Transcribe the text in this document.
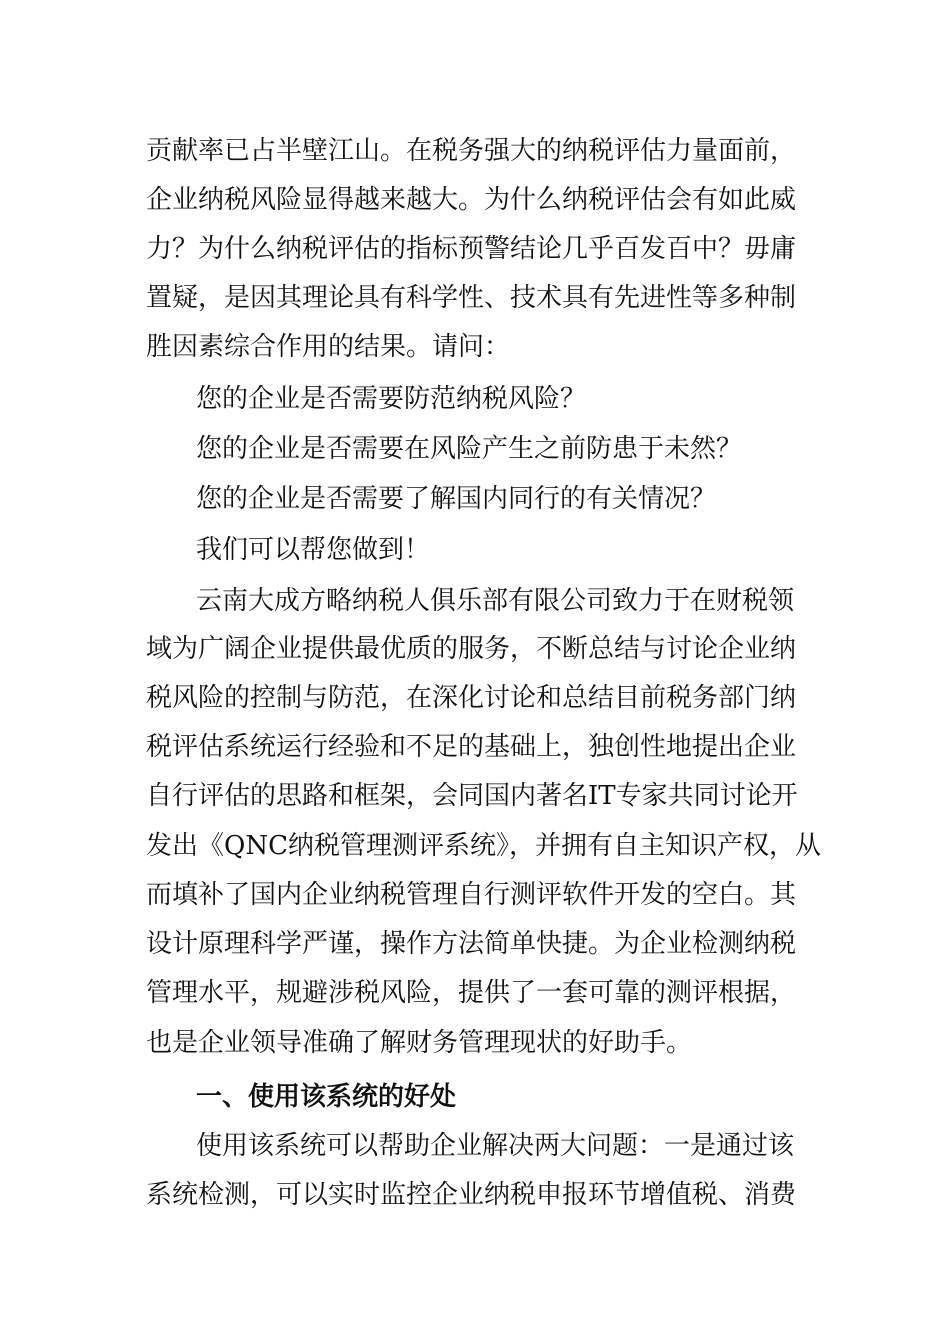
贡献率已占半壁江山。在税务强大的纳税评估力量面前，
企业纳税风险显得越来越大。为什么纳税评估会有如此威
力？为什么纳税评估的指标预警结论几乎百发百中？毋庸
置疑，是因其理论具有科学性、技术具有先进性等多种制
胜因素综合作用的结果。请问：
您的企业是否需要防范纳税风险？
您的企业是否需要在风险产生之前防患于未然？
您的企业是否需要了解国内同行的有关情况？
我们可以帮您做到！
云南大成方略纳税人俱乐部有限公司致力于在财税领
域为广阔企业提供最优质的服务，不断总结与讨论企业纳
税风险的控制与防范，在深化讨论和总结目前税务部门纳
税评估系统运行经验和不足的基础上，独创性地提出企业
自行评估的思路和框架，会同国内著名IT专家共同讨论开
发出《QNC纳税管理测评系统》，并拥有自主知识产权，从
而填补了国内企业纳税管理自行测评软件开发的空白。其
设计原理科学严谨，操作方法简单快捷。为企业检测纳税
管理水平，规避涉税风险，提供了一套可靠的测评根据，
也是企业领导准确了解财务管理现状的好助手。
一、使用该系统的好处
使用该系统可以帮助企业解决两大问题：一是通过该
系统检测，可以实时监控企业纳税申报环节增值税、消费
